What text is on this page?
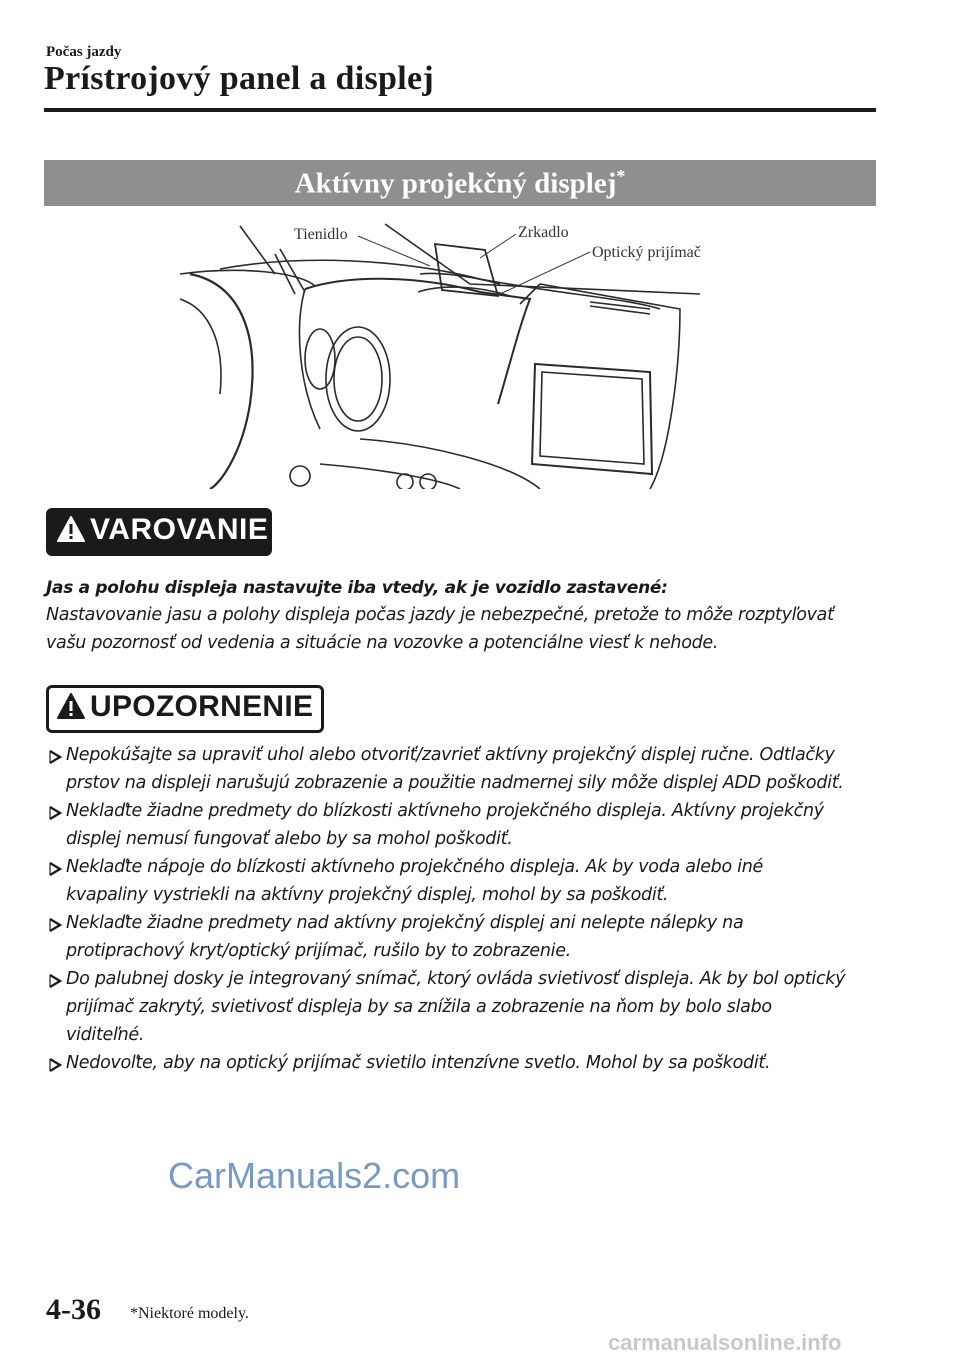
Počas jazdy
Prístrojový panel a displej
Aktívny projekčný displej*
Tienidlo	Zrkadlo
Optický prijímač
VAROVANIE
Jas a polohu displeja nastavujte iba vtedy, ak je vozidlo zastavené:
Nastavovanie jasu a polohy displeja počas jazdy je nebezpečné, pretože to môže rozptyľovať
vašu pozornosť od vedenia a situácie na vozovke a potenciálne viesť k nehode.
UPOZORNENIE
Nepokúšajte sa upraviť uhol alebo otvoriť/zavrieť aktívny projekčný displej ručne. Odtlačky
prstov na displeji narušujú zobrazenie a použitie nadmernej sily môže displej ADD poškodiť.
Neklaďte žiadne predmety do blízkosti aktívneho projekčného displeja. Aktívny projekčný
displej nemusí fungovať alebo by sa mohol poškodiť.
Neklaďte nápoje do blízkosti aktívneho projekčného displeja. Ak by voda alebo iné
kvapaliny vystriekli na aktívny projekčný displej, mohol by sa poškodiť.
Neklaďte žiadne predmety nad aktívny projekčný displej ani nelepte nálepky na
protiprachový kryt/optický prijímač, rušilo by to zobrazenie.
Do palubnej dosky je integrovaný snímač, ktorý ovláda svietivosť displeja. Ak by bol optický
prijímač zakrytý, svietivosť displeja by sa znížila a zobrazenie na ňom by bolo slabo
viditeľné.
Nedovoľte, aby na optický prijímač svietilo intenzívne svetlo. Mohol by sa poškodiť.
CarManuals2.com
4-36 *Niektoré modely.
carmanualsonline.info
